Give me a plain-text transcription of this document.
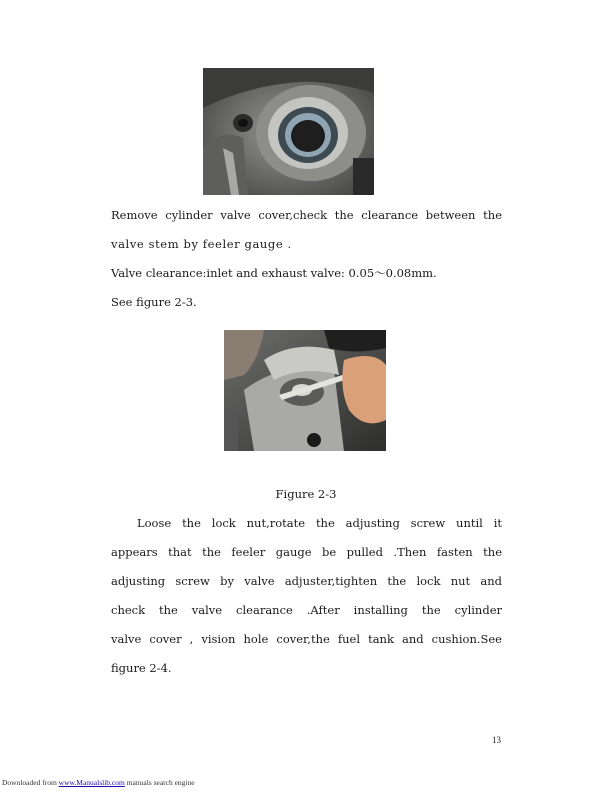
Remove cylinder valve cover,check the clearance between the
valve stem by feeler gauge .
Valve clearance:inlet and exhaust valve: 0.05～0.08mm.
See figure 2-3.
Figure 2-3
Loose the lock nut,rotate the adjusting screw until it
appears that the feeler gauge be pulled .Then fasten the
adjusting screw by valve adjuster,tighten the lock nut and
check the valve clearance .After installing the cylinder
valve cover , vision hole cover,the fuel tank and cushion.See
figure 2-4.
13
Downloaded from www.Manualslib.com manuals search engine
